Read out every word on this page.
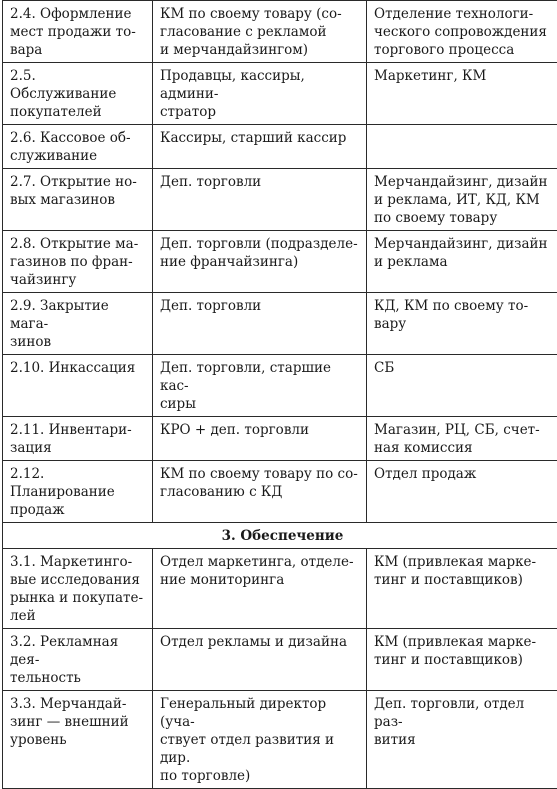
2.4. Оформление
мест продажи то-
вара	КМ по своему товару (со-
гласование с рекламой
и мерчандайзингом)	Отделение технологи-
ческого сопровождения
торгового процесса
2.5. Обслуживание
покупателей	Продавцы, кассиры, админи-
стратор	Маркетинг, КМ
2.6. Кассовое об-
служивание	Кассиры, старший кассир	
2.7. Открытие но-
вых магазинов	Деп. торговли	Мерчандайзинг, дизайн
и реклама, ИТ, КД, КМ
по своему товару
2.8. Открытие ма-
газинов по фран-
чайзингу	Деп. торговли (подразделе-
ние франчайзинга)	Мерчандайзинг, дизайн
и реклама
2.9. Закрытие мага-
зинов	Деп. торговли	КД, КМ по своему то-
вару
2.10. Инкассация	Деп. торговли, старшие кас-
сиры	СБ
2.11. Инвентари-
зация	КРО + деп. торговли	Магазин, РЦ, СБ, счет-
ная комиссия
2.12. Планирование
продаж	КМ по своему товару по со-
гласованию с КД	Отдел продаж
3. Обеспечение		
3.1. Маркетинго-
вые исследования
рынка и покупате-
лей	Отдел маркетинга, отделе-
ние мониторинга	КМ (привлекая марке-
тинг и поставщиков)
3.2. Рекламная дея-
тельность	Отдел рекламы и дизайна	КМ (привлекая марке-
тинг и поставщиков)
3.3. Мерчандай-
зинг — внешний
уровень	Генеральный директор (уча-
ствует отдел развития и дир.
по торговле)	Деп. торговли, отдел раз-
вития
